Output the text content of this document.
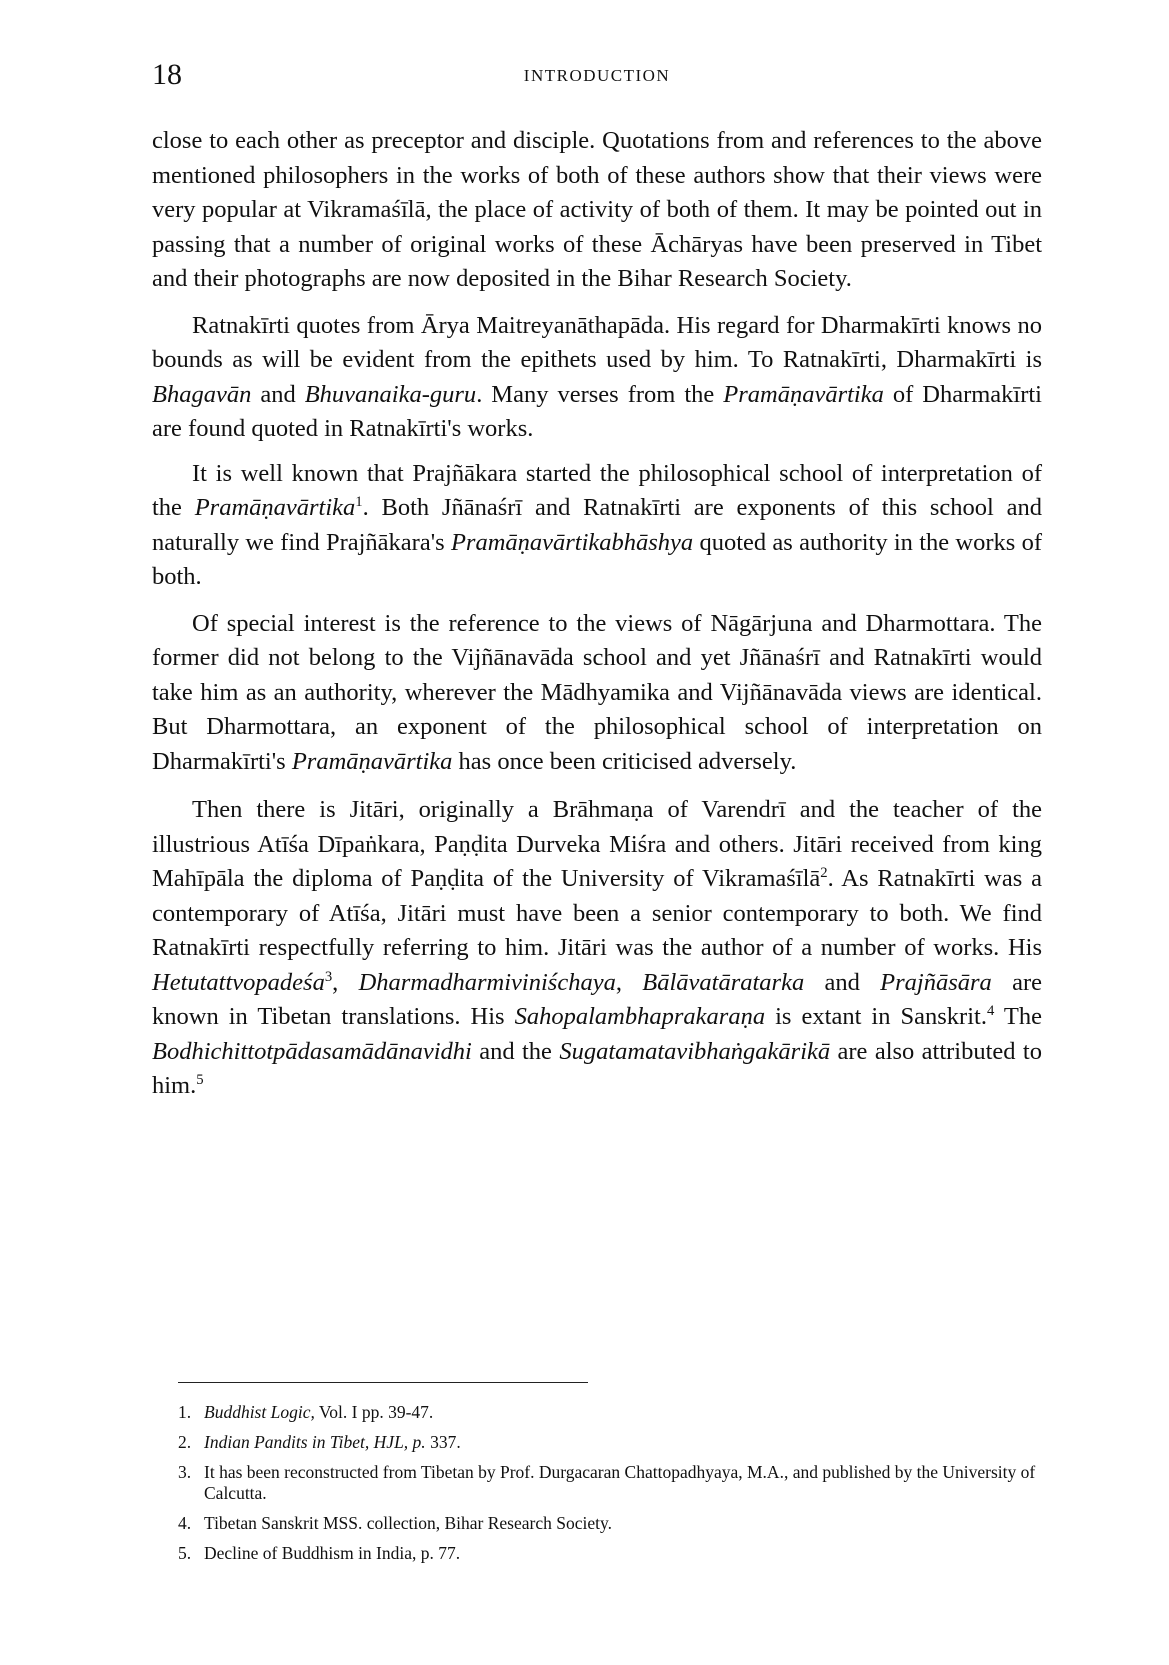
18	INTRODUCTION

close to each other as preceptor and disciple. Quotations from and references to the above mentioned philosophers in the works of both of these authors show that their views were very popular at Vikramaśīlā, the place of activity of both of them. It may be pointed out in passing that a number of original works of these Āchāryas have been preserved in Tibet and their photographs are now deposited in the Bihar Research Society.

Ratnakīrti quotes from Ārya Maitreyanāthapāda. His regard for Dharmakīrti knows no bounds as will be evident from the epithets used by him. To Ratnakīrti, Dharmakīrti is Bhagavān and Bhuvanaika-guru. Many verses from the Pramāṇavārtika of Dharmakīrti are found quoted in Ratnakīrti's works.

It is well known that Prajñākara started the philosophical school of interpretation of the Pramāṇavārtika$^1$. Both Jñānaśrī and Ratnakīrti are exponents of this school and naturally we find Prajñākara's Pramāṇavārtikabhāshya quoted as authority in the works of both.

Of special interest is the reference to the views of Nāgārjuna and Dharmottara. The former did not belong to the Vijñānavāda school and yet Jñānaśrī and Ratnakīrti would take him as an authority, wherever the Mādhyamika and Vijñānavāda views are identical. But Dharmottara, an exponent of the philosophical school of interpretation on Dharmakīrti's Pramāṇavārtika has once been criticised adversely.

Then there is Jitāri, originally a Brāhmaṇa of Varendrī and the teacher of the illustrious Atīśa Dīpaṅkara, Paṇḍita Durveka Miśra and others. Jitāri received from king Mahīpāla the diploma of Paṇḍita of the University of Vikramaśīlā$^2$. As Ratnakīrti was a contemporary of Atīśa, Jitāri must have been a senior contemporary to both. We find Ratnakīrti respectfully referring to him. Jitāri was the author of a number of works. His Hetutattvopadeśa$^3$, Dharmadharmiviniśchaya, Bālāvatāratarka and Prajñāsāra are known in Tibetan translations. His Sahopalambhaprakaraṇa is extant in Sanskrit.$^4$ The Bodhichittotpādasamādānavidhi and the Sugatamatavibhaṅgakārikā are also attributed to him.$^5$

1. Buddhist Logic, Vol. I pp. 39-47.
2. Indian Pandits in Tibet, HJL, p. 337.
3. It has been reconstructed from Tibetan by Prof. Durgacaran Chattopadhyaya, M.A., and published by the University of Calcutta.
4. Tibetan Sanskrit MSS. collection, Bihar Research Society.
5. Decline of Buddhism in India, p. 77.
